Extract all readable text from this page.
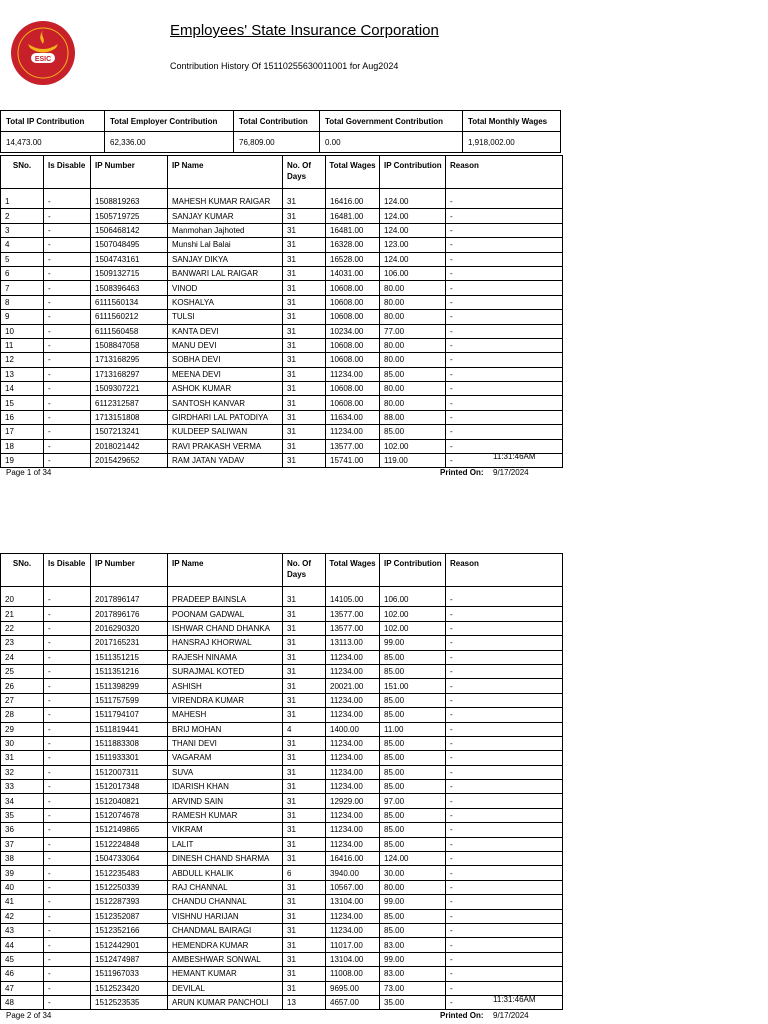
ESIC
Employees' State Insurance Corporation
Contribution History Of 15110255630011001 for Aug2024
Total IP Contribution	Total Employer Contribution	Total Contribution	Total Government Contribution	Total Monthly Wages
14,473.00	62,336.00	76,809.00	0.00	1,918,002.00
SNo.	Is Disable	IP Number	IP Name	No. Of Days	Total Wages	IP Contribution	Reason

1	-	1508819263	MAHESH KUMAR RAIGAR	31	16416.00	124.00	-
2	-	1505719725	SANJAY KUMAR	31	16481.00	124.00	-
3	-	1506468142	Manmohan Jajhoted	31	16481.00	124.00	-
4	-	1507048495	Munshi Lal Balai	31	16328.00	123.00	-
5	-	1504743161	SANJAY DIKYA	31	16528.00	124.00	-
6	-	1509132715	BANWARI LAL RAIGAR	31	14031.00	106.00	-
7	-	1508396463	VINOD	31	10608.00	80.00	-
8	-	6111560134	KOSHALYA	31	10608.00	80.00	-
9	-	6111560212	TULSI	31	10608.00	80.00	-
10	-	6111560458	KANTA DEVI	31	10234.00	77.00	-
11	-	1508847058	MANU DEVI	31	10608.00	80.00	-
12	-	1713168295	SOBHA DEVI	31	10608.00	80.00	-
13	-	1713168297	MEENA DEVI	31	11234.00	85.00	-
14	-	1509307221	ASHOK KUMAR	31	10608.00	80.00	-
15	-	6112312587	SANTOSH KANVAR	31	10608.00	80.00	-
16	-	1713151808	GIRDHARI LAL PATODIYA	31	11634.00	88.00	-
17	-	1507213241	KULDEEP SALIWAN	31	11234.00	85.00	-
18	-	2018021442	RAVI PRAKASH VERMA	31	13577.00	102.00	-
19	-	2015429652	RAM JATAN YADAV	31	15741.00	119.00	-	11:31:46AM
Page 1 of 34	Printed On: 9/17/2024
SNo.	Is Disable	IP Number	IP Name	No. Of Days	Total Wages	IP Contribution	Reason

20	-	2017896147	PRADEEP BAINSLA	31	14105.00	106.00	-
21	-	2017896176	POONAM GADWAL	31	13577.00	102.00	-
22	-	2016290320	ISHWAR CHAND DHANKA	31	13577.00	102.00	-
23	-	2017165231	HANSRAJ KHORWAL	31	13113.00	99.00	-
24	-	1511351215	RAJESH NINAMA	31	11234.00	85.00	-
25	-	1511351216	SURAJMAL KOTED	31	11234.00	85.00	-
26	-	1511398299	ASHISH	31	20021.00	151.00	-
27	-	1511757599	VIRENDRA KUMAR	31	11234.00	85.00	-
28	-	1511794107	MAHESH	31	11234.00	85.00	-
29	-	1511819441	BRIJ MOHAN	4	1400.00	11.00	-
30	-	1511883308	THANI DEVI	31	11234.00	85.00	-
31	-	1511933301	VAGARAM	31	11234.00	85.00	-
32	-	1512007311	SUVA	31	11234.00	85.00	-
33	-	1512017348	IDARISH KHAN	31	11234.00	85.00	-
34	-	1512040821	ARVIND SAIN	31	12929.00	97.00	-
35	-	1512074678	RAMESH KUMAR	31	11234.00	85.00	-
36	-	1512149865	VIKRAM	31	11234.00	85.00	-
37	-	1512224848	LALIT	31	11234.00	85.00	-
38	-	1504733064	DINESH CHAND SHARMA	31	16416.00	124.00	-
39	-	1512235483	ABDULL KHALIK	6	3940.00	30.00	-
40	-	1512250339	RAJ CHANNAL	31	10567.00	80.00	-
41	-	1512287393	CHANDU CHANNAL	31	13104.00	99.00	-
42	-	1512352087	VISHNU HARIJAN	31	11234.00	85.00	-
43	-	1512352166	CHANDMAL BAIRAGI	31	11234.00	85.00	-
44	-	1512442901	HEMENDRA KUMAR	31	11017.00	83.00	-
45	-	1512474987	AMBESHWAR SONWAL	31	13104.00	99.00	-
46	-	1511967033	HEMANT KUMAR	31	11008.00	83.00	-
47	-	1512523420	DEVILAL	31	9695.00	73.00	-
48	-	1512523535	ARUN KUMAR PANCHOLI	13	4657.00	35.00	-	11:31:46AM
Page 2 of 34	Printed On: 9/17/2024
